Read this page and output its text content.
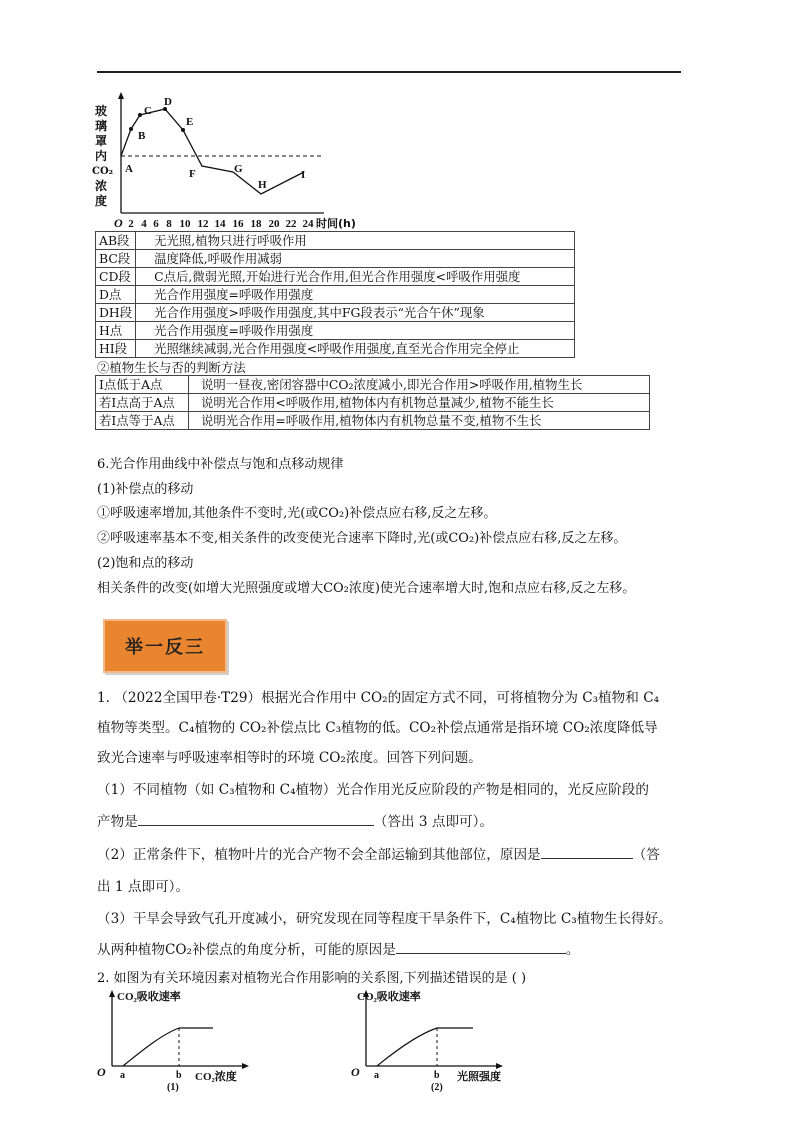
玻
璃
罩
内
CO₂
浓
度
A
B
C
D
E
F	G
H
I
O 2 4 6 8 10 12 14 16 18 20 22 24 时间(h)
AB段	无光照,植物只进行呼吸作用
BC段	温度降低,呼吸作用减弱
CD段	C点后,微弱光照,开始进行光合作用,但光合作用强度<呼吸作用强度
D点	光合作用强度=呼吸作用强度
DH段	光合作用强度>呼吸作用强度,其中FG段表示“光合午休”现象
H点	光合作用强度=呼吸作用强度
HI段	光照继续减弱,光合作用强度<呼吸作用强度,直至光合作用完全停止
②植物生长与否的判断方法
I点低于A点	说明一昼夜,密闭容器中CO₂浓度减小,即光合作用>呼吸作用,植物生长
若I点高于A点	说明光合作用<呼吸作用,植物体内有机物总量减少,植物不能生长
若I点等于A点	说明光合作用=呼吸作用,植物体内有机物总量不变,植物不生长
6.光合作用曲线中补偿点与饱和点移动规律
(1)补偿点的移动
①呼吸速率增加,其他条件不变时,光(或CO₂)补偿点应右移,反之左移。
②呼吸速率基本不变,相关条件的改变使光合速率下降时,光(或CO₂)补偿点应右移,反之左移。
(2)饱和点的移动
相关条件的改变(如增大光照强度或增大CO₂浓度)使光合速率增大时,饱和点应右移,反之左移。
举一反三
1. （2022全国甲卷·T29）根据光合作用中 CO₂的固定方式不同，可将植物分为 C₃植物和 C₄
植物等类型。C₄植物的 CO₂补偿点比 C₃植物的低。CO₂补偿点通常是指环境 CO₂浓度降低导
致光合速率与呼吸速率相等时的环境 CO₂浓度。回答下列问题。
（1）不同植物（如 C₃植物和 C₄植物）光合作用光反应阶段的产物是相同的，光反应阶段的
产物是	（答出 3 点即可）。
（2）正常条件下，植物叶片的光合产物不会全部运输到其他部位，原因是	（答
出 1 点即可）。
（3）干旱会导致气孔开度减小，研究发现在同等程度干旱条件下，C₄植物比 C₃植物生长得好。
从两种植物CO₂补偿点的角度分析，可能的原因是	。
2. 如图为有关环境因素对植物光合作用影响的关系图,下列描述错误的是 ( )
CO₂吸收速率
O a	b CO₂浓度
(1)
CO₂吸收速率
O a	b 光照强度
(2)
